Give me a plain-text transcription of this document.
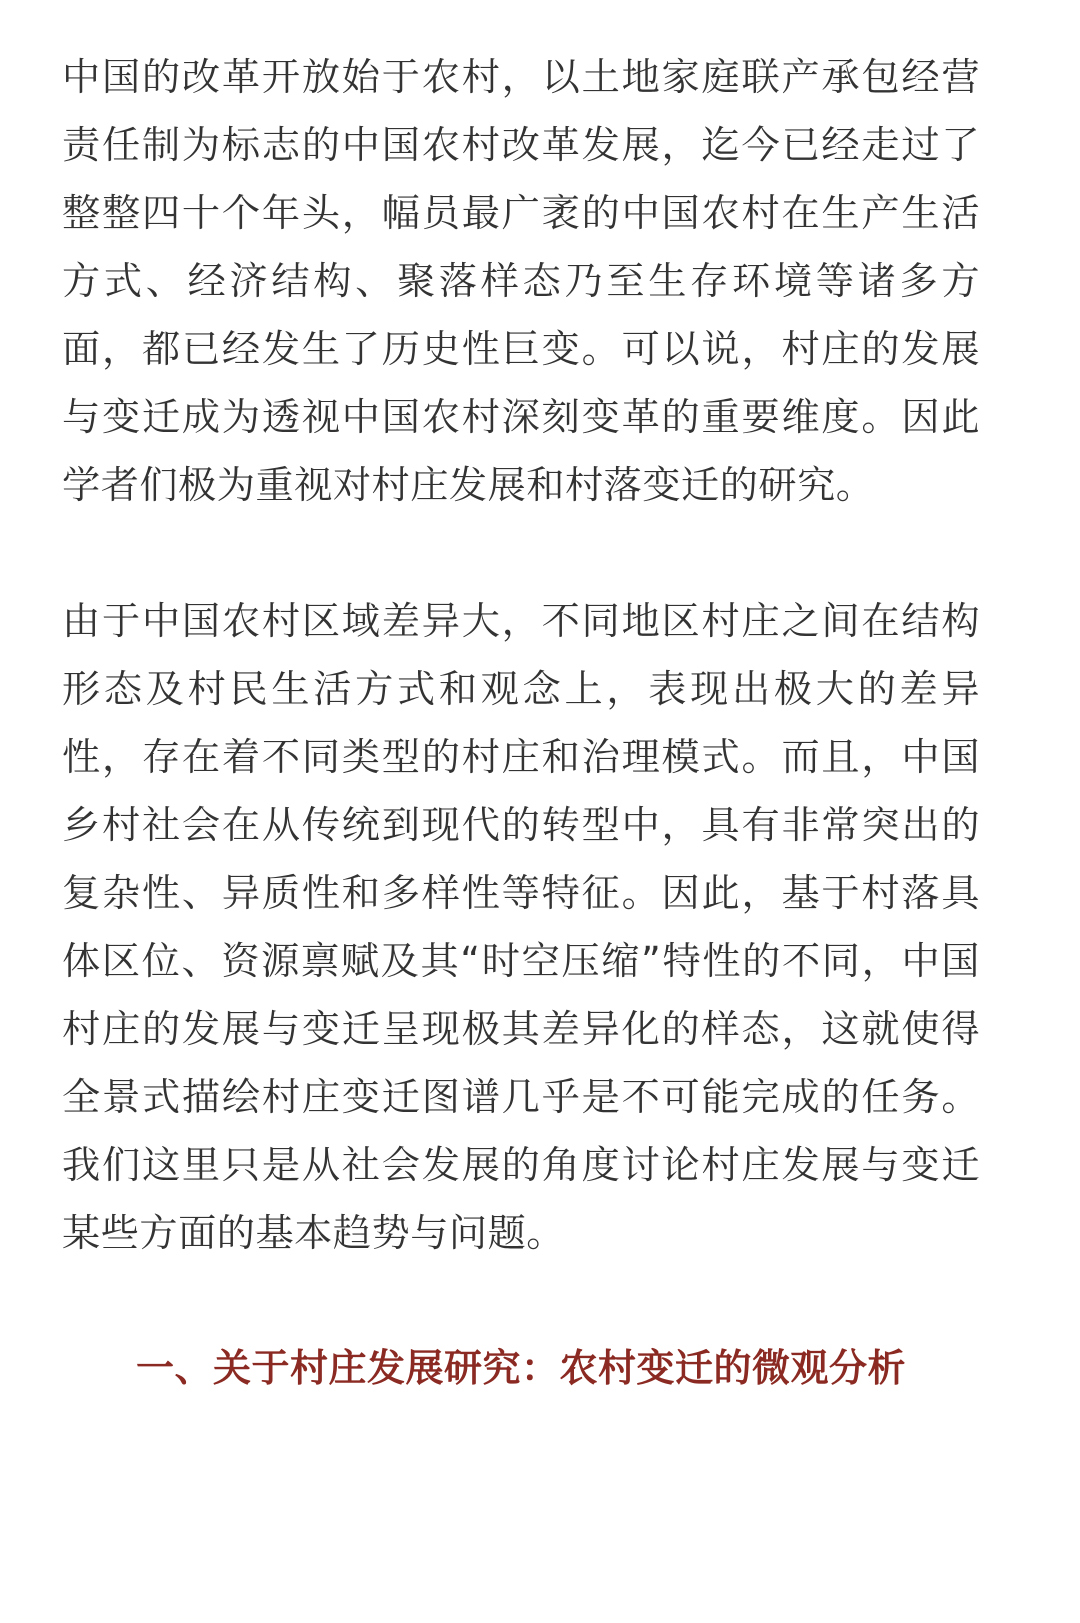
中国的改革开放始于农村，以土地家庭联产承包经营责任制为标志的中国农村改革发展，迄今已经走过了整整四十个年头，幅员最广袤的中国农村在生产生活方式、经济结构、聚落样态乃至生存环境等诸多方面，都已经发生了历史性巨变。可以说，村庄的发展与变迁成为透视中国农村深刻变革的重要维度。因此学者们极为重视对村庄发展和村落变迁的研究。

由于中国农村区域差异大，不同地区村庄之间在结构形态及村民生活方式和观念上，表现出极大的差异性，存在着不同类型的村庄和治理模式。而且，中国乡村社会在从传统到现代的转型中，具有非常突出的复杂性、异质性和多样性等特征。因此，基于村落具体区位、资源禀赋及其“时空压缩”特性的不同，中国村庄的发展与变迁呈现极其差异化的样态，这就使得全景式描绘村庄变迁图谱几乎是不可能完成的任务。我们这里只是从社会发展的角度讨论村庄发展与变迁某些方面的基本趋势与问题。

一、关于村庄发展研究：农村变迁的微观分析
